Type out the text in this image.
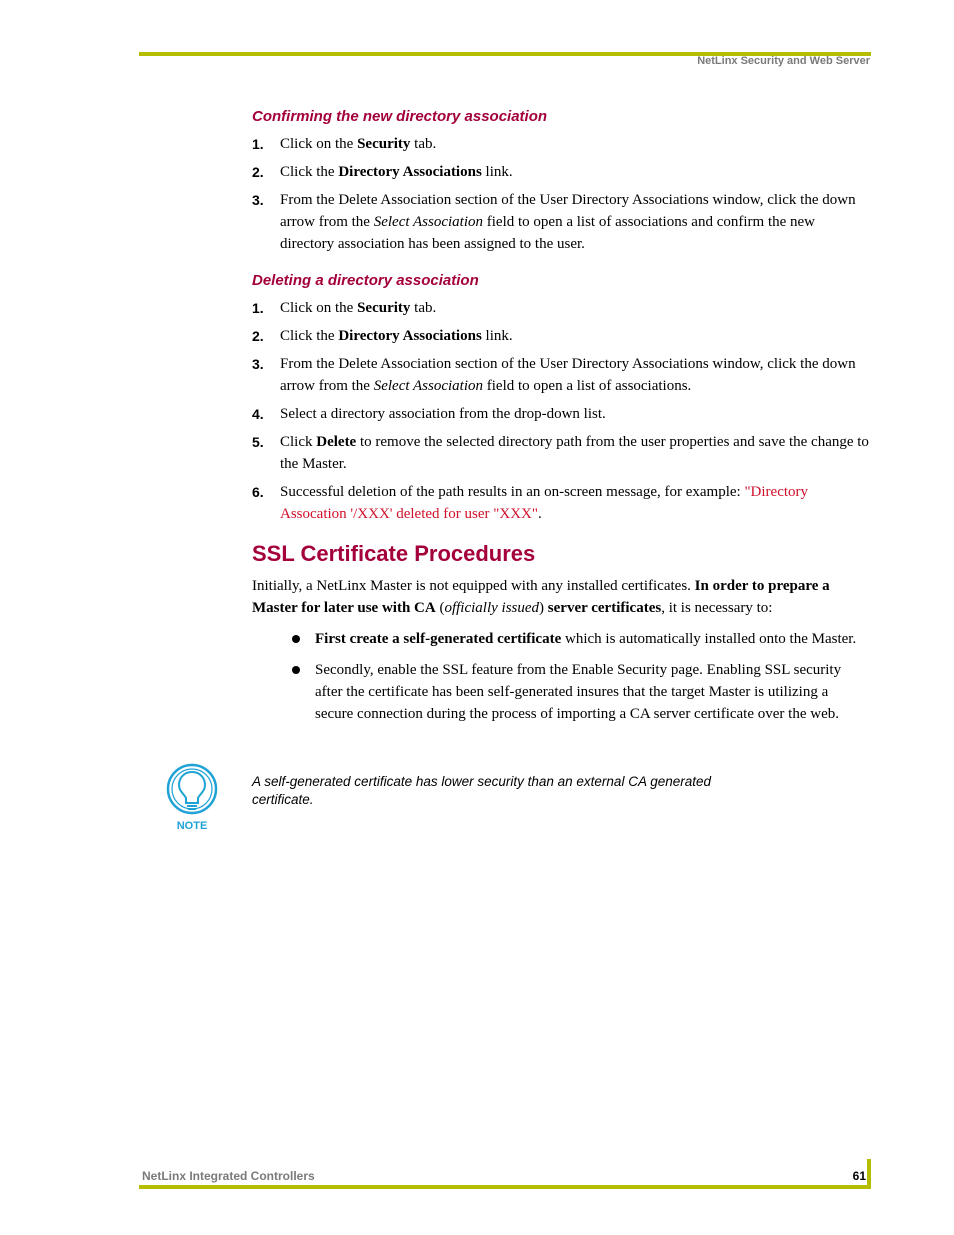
NetLinx Security and Web Server
Confirming the new directory association
1. Click on the Security tab.
2. Click the Directory Associations link.
3. From the Delete Association section of the User Directory Associations window, click the down arrow from the Select Association field to open a list of associations and confirm the new directory association has been assigned to the user.
Deleting a directory association
1. Click on the Security tab.
2. Click the Directory Associations link.
3. From the Delete Association section of the User Directory Associations window, click the down arrow from the Select Association field to open a list of associations.
4. Select a directory association from the drop-down list.
5. Click Delete to remove the selected directory path from the user properties and save the change to the Master.
6. Successful deletion of the path results in an on-screen message, for example: "Directory Assocation '/XXX' deleted for user "XXX".
SSL Certificate Procedures

Initially, a NetLinx Master is not equipped with any installed certificates. In order to prepare a Master for later use with CA (officially issued) server certificates, it is necessary to:

First create a self-generated certificate which is automatically installed onto the Master.
Secondly, enable the SSL feature from the Enable Security page. Enabling SSL security after the certificate has been self-generated insures that the target Master is utilizing a secure connection during the process of importing a CA server certificate over the web.
NOTE

A self-generated certificate has lower security than an external CA generated certificate.

NetLinx Integrated Controllers	61
